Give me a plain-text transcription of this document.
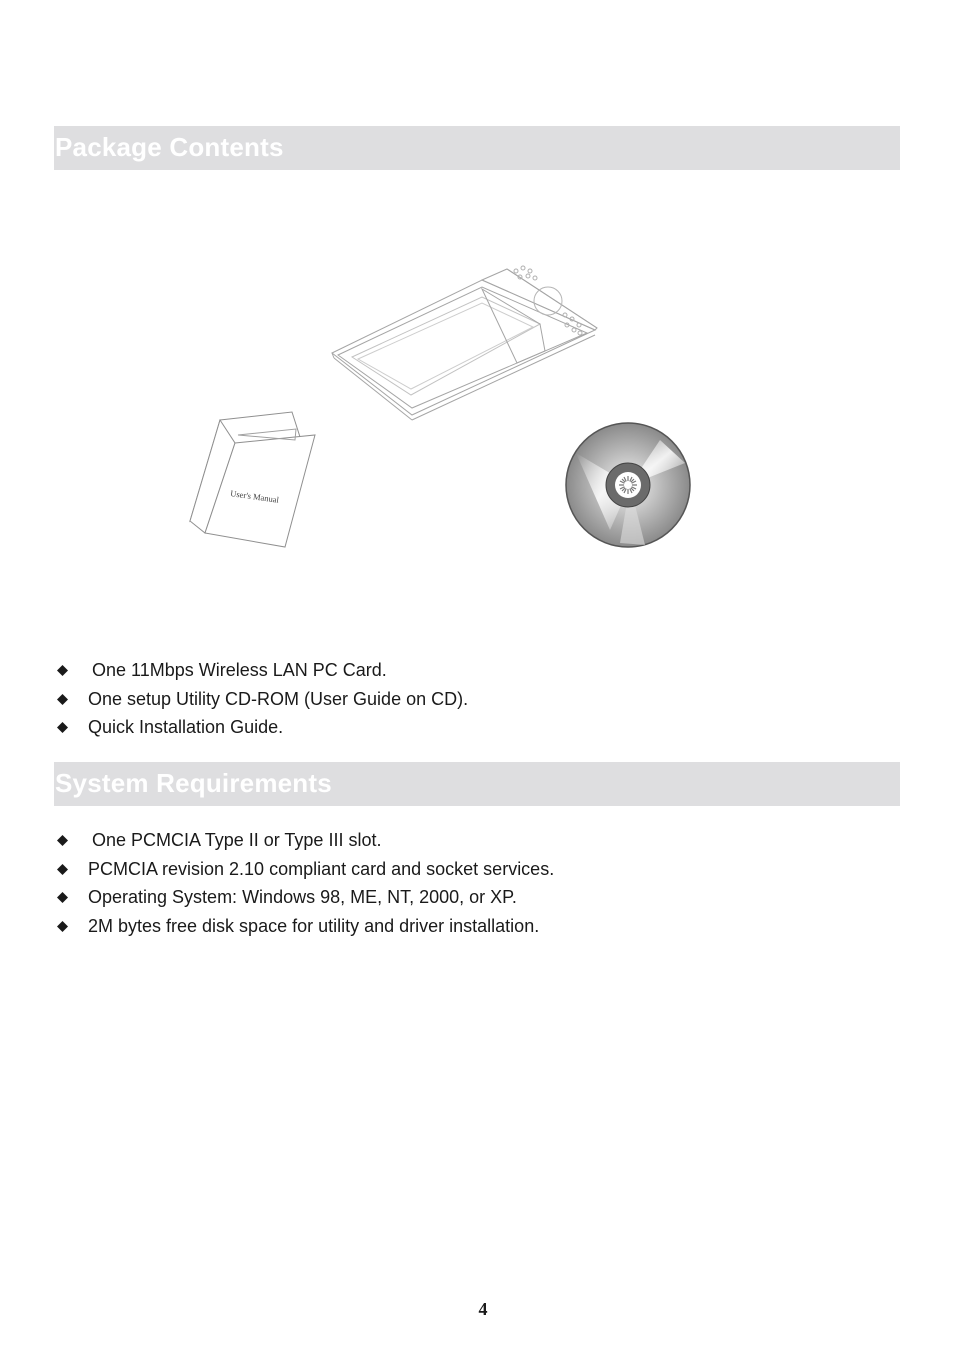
Package Contents
User's Manual
One 11Mbps Wireless LAN PC Card.
One setup Utility CD-ROM (User Guide on CD).
Quick Installation Guide.
System Requirements
One PCMCIA Type II or Type III slot.
PCMCIA revision 2.10 compliant card and socket services.
Operating System: Windows 98, ME, NT, 2000, or XP.
2M bytes free disk space for utility and driver installation.
4
